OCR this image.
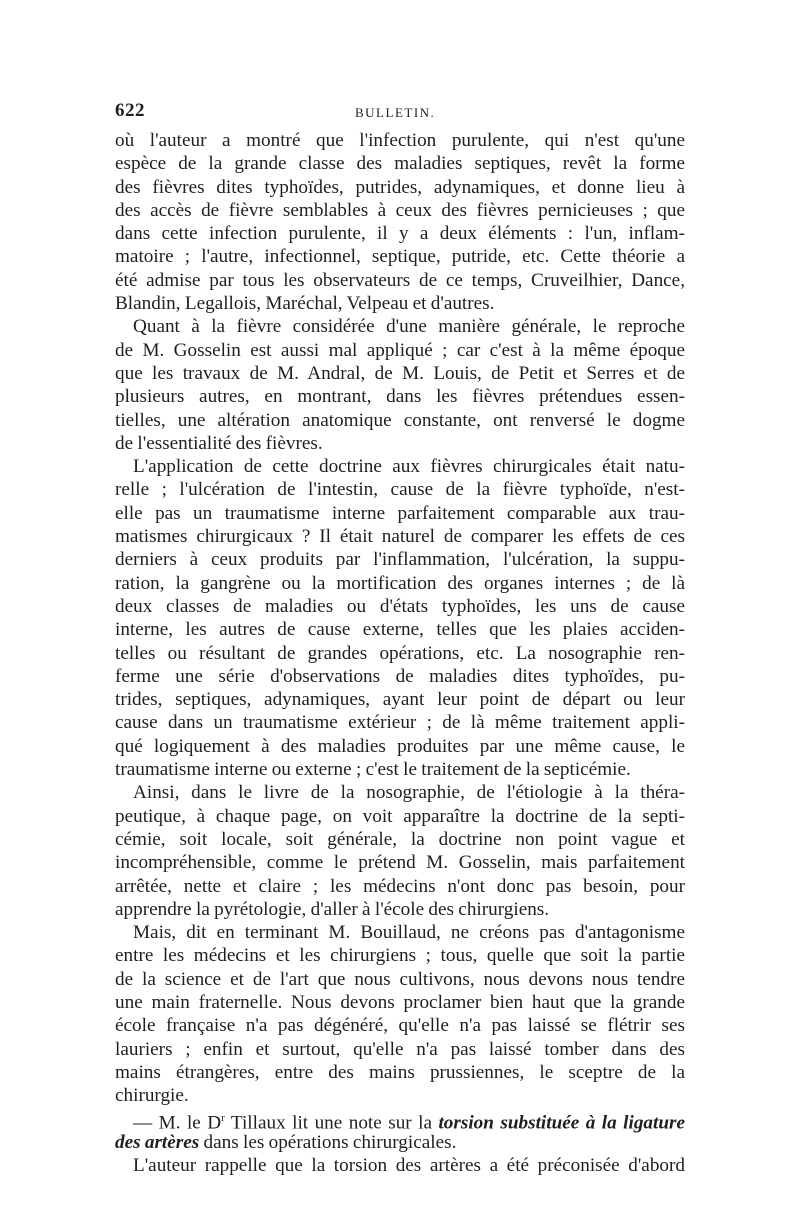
622	BULLETIN.
où l'auteur a montré que l'infection purulente, qui n'est qu'une
espèce de la grande classe des maladies septiques, revêt la forme
des fièvres dites typhoïdes, putrides, adynamiques, et donne lieu à
des accès de fièvre semblables à ceux des fièvres pernicieuses ; que
dans cette infection purulente, il y a deux éléments : l'un, inflam-
matoire ; l'autre, infectionnel, septique, putride, etc. Cette théorie a
été admise par tous les observateurs de ce temps, Cruveilhier, Dance,
Blandin, Legallois, Maréchal, Velpeau et d'autres.
Quant à la fièvre considérée d'une manière générale, le reproche
de M. Gosselin est aussi mal appliqué ; car c'est à la même époque
que les travaux de M. Andral, de M. Louis, de Petit et Serres et de
plusieurs autres, en montrant, dans les fièvres prétendues essen-
tielles, une altération anatomique constante, ont renversé le dogme
de l'essentialité des fièvres.
L'application de cette doctrine aux fièvres chirurgicales était natu-
relle ; l'ulcération de l'intestin, cause de la fièvre typhoïde, n'est-
elle pas un traumatisme interne parfaitement comparable aux trau-
matismes chirurgicaux ? Il était naturel de comparer les effets de ces
derniers à ceux produits par l'inflammation, l'ulcération, la suppu-
ration, la gangrène ou la mortification des organes internes ; de là
deux classes de maladies ou d'états typhoïdes, les uns de cause
interne, les autres de cause externe, telles que les plaies acciden-
telles ou résultant de grandes opérations, etc. La nosographie ren-
ferme une série d'observations de maladies dites typhoïdes, pu-
trides, septiques, adynamiques, ayant leur point de départ ou leur
cause dans un traumatisme extérieur ; de là même traitement appli-
qué logiquement à des maladies produites par une même cause, le
traumatisme interne ou externe ; c'est le traitement de la septicémie.
Ainsi, dans le livre de la nosographie, de l'étiologie à la théra-
peutique, à chaque page, on voit apparaître la doctrine de la septi-
cémie, soit locale, soit générale, la doctrine non point vague et
incompréhensible, comme le prétend M. Gosselin, mais parfaitement
arrêtée, nette et claire ; les médecins n'ont donc pas besoin, pour
apprendre la pyrétologie, d'aller à l'école des chirurgiens.
Mais, dit en terminant M. Bouillaud, ne créons pas d'antagonisme
entre les médecins et les chirurgiens ; tous, quelle que soit la partie
de la science et de l'art que nous cultivons, nous devons nous tendre
une main fraternelle. Nous devons proclamer bien haut que la grande
école française n'a pas dégénéré, qu'elle n'a pas laissé se flétrir ses
lauriers ; enfin et surtout, qu'elle n'a pas laissé tomber dans des
mains étrangères, entre des mains prussiennes, le sceptre de la
chirurgie.
— M. le $D^r$ Tillaux lit une note sur la torsion substituée à la ligature
des artères dans les opérations chirurgicales.
L'auteur rappelle que la torsion des artères a été préconisée d'abord
